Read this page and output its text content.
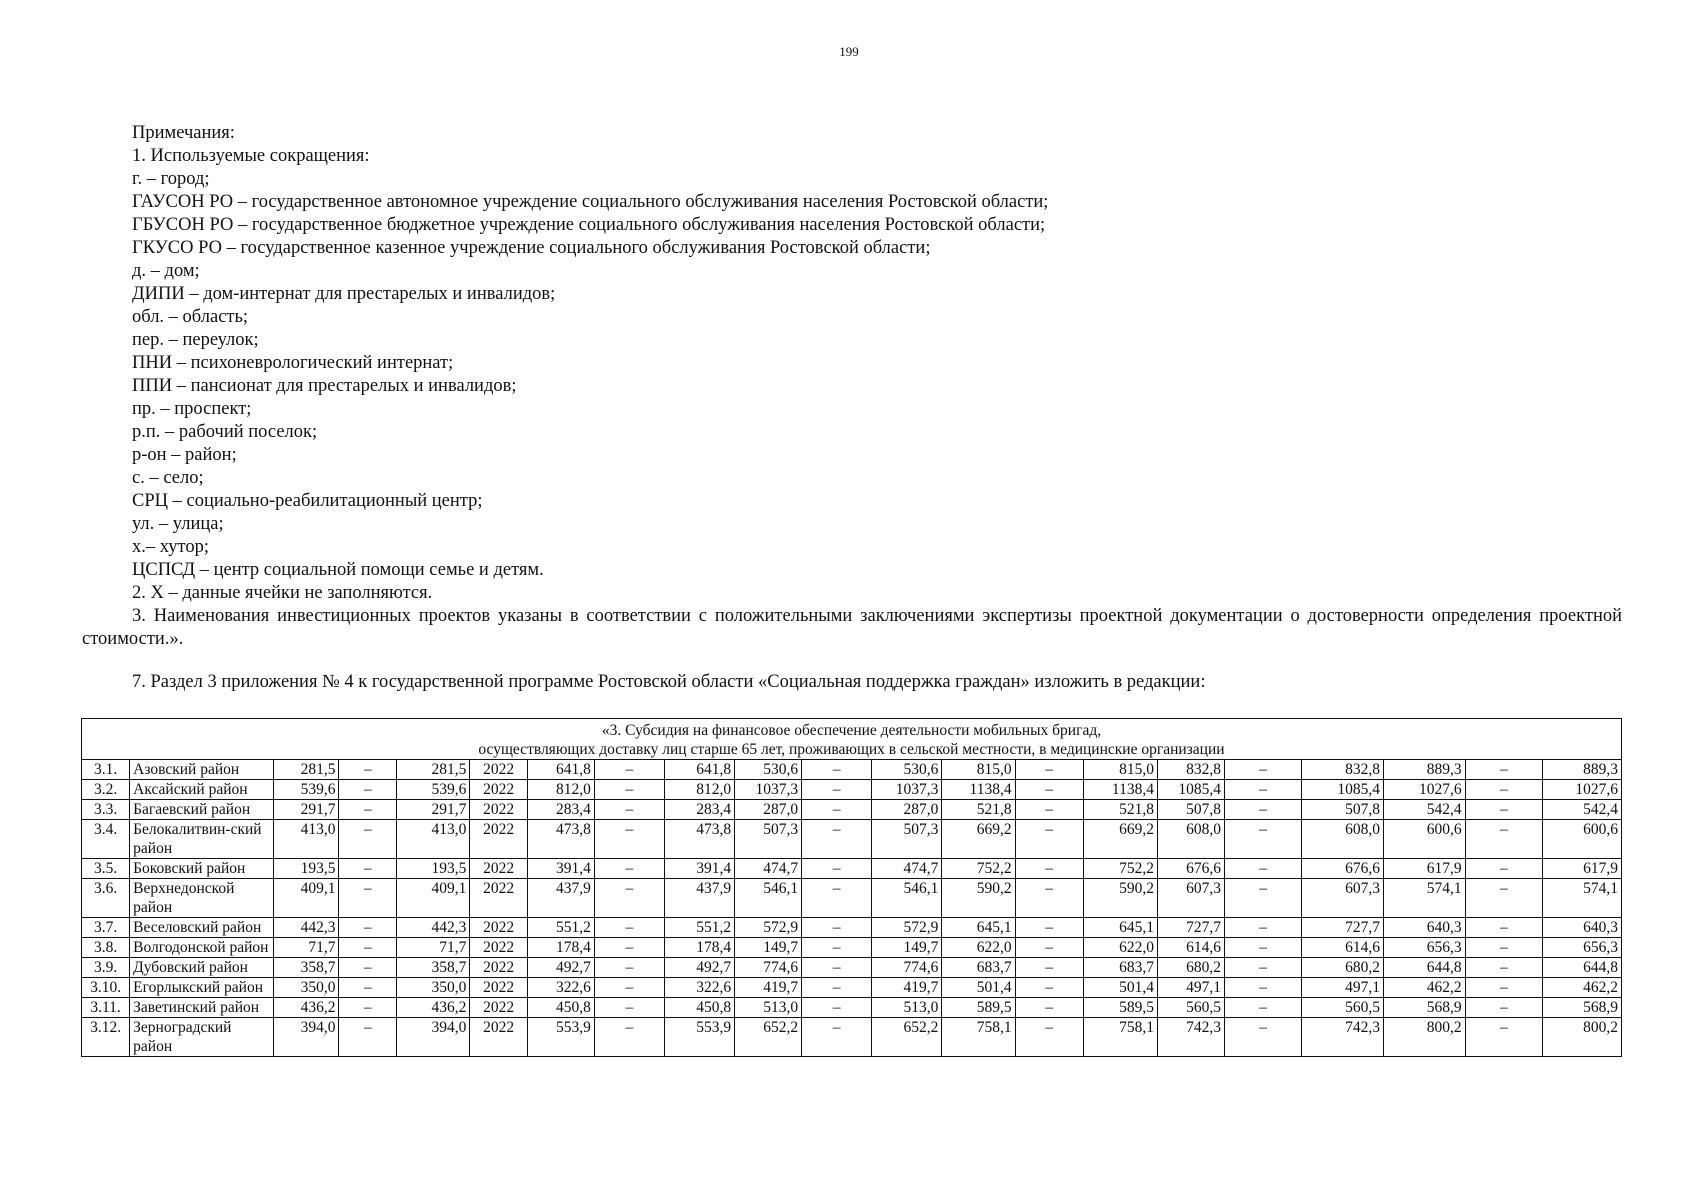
199
Примечания:
1. Используемые сокращения:
г. – город;
ГАУСОН РО – государственное автономное учреждение социального обслуживания населения Ростовской области;
ГБУСОН РО – государственное бюджетное учреждение социального обслуживания населения Ростовской области;
ГКУСО РО – государственное казенное учреждение социального обслуживания Ростовской области;
д. – дом;
ДИПИ – дом-интернат для престарелых и инвалидов;
обл. – область;
пер. – переулок;
ПНИ – психоневрологический интернат;
ППИ – пансионат для престарелых и инвалидов;
пр. – проспект;
р.п. – рабочий поселок;
р-он – район;
с. – село;
СРЦ – социально-реабилитационный центр;
ул. – улица;
х.– хутор;
ЦСПСД – центр социальной помощи семье и детям.
2. Х – данные ячейки не заполняются.
3. Наименования инвестиционных проектов указаны в соответствии с положительными заключениями экспертизы проектной документации о достоверности определения проектной стоимости.».
7. Раздел 3 приложения № 4 к государственной программе Ростовской области «Социальная поддержка граждан» изложить в редакции:
«3. Субсидия на финансовое обеспечение деятельности мобильных бригад,
осуществляющих доставку лиц старше 65 лет, проживающих в сельской местности, в медицинские организации																				

3.1.	Азовский район	281,5	–	281,5	2022	641,8	–	641,8	530,6	–	530,6	815,0	–	815,0	832,8	–	832,8	889,3	–	889,3
3.2.	Аксайский район	539,6	–	539,6	2022	812,0	–	812,0	1037,3	–	1037,3	1138,4	–	1138,4	1085,4	–	1085,4	1027,6	–	1027,6
3.3.	Багаевский район	291,7	–	291,7	2022	283,4	–	283,4	287,0	–	287,0	521,8	–	521,8	507,8	–	507,8	542,4	–	542,4
3.4.	Белокалитвин-ский район	413,0	–	413,0	2022	473,8	–	473,8	507,3	–	507,3	669,2	–	669,2	608,0	–	608,0	600,6	–	600,6
3.5.	Боковский район	193,5	–	193,5	2022	391,4	–	391,4	474,7	–	474,7	752,2	–	752,2	676,6	–	676,6	617,9	–	617,9
3.6.	Верхнедонской район	409,1	–	409,1	2022	437,9	–	437,9	546,1	–	546,1	590,2	–	590,2	607,3	–	607,3	574,1	–	574,1
3.7.	Веселовский район	442,3	–	442,3	2022	551,2	–	551,2	572,9	–	572,9	645,1	–	645,1	727,7	–	727,7	640,3	–	640,3
3.8.	Волгодонской район	71,7	–	71,7	2022	178,4	–	178,4	149,7	–	149,7	622,0	–	622,0	614,6	–	614,6	656,3	–	656,3
3.9.	Дубовский район	358,7	–	358,7	2022	492,7	–	492,7	774,6	–	774,6	683,7	–	683,7	680,2	–	680,2	644,8	–	644,8
3.10.	Егорлыкский район	350,0	–	350,0	2022	322,6	–	322,6	419,7	–	419,7	501,4	–	501,4	497,1	–	497,1	462,2	–	462,2
3.11.	Заветинский район	436,2	–	436,2	2022	450,8	–	450,8	513,0	–	513,0	589,5	–	589,5	560,5	–	560,5	568,9	–	568,9
3.12.	Зерноградский район	394,0	–	394,0	2022	553,9	–	553,9	652,2	–	652,2	758,1	–	758,1	742,3	–	742,3	800,2	–	800,2
